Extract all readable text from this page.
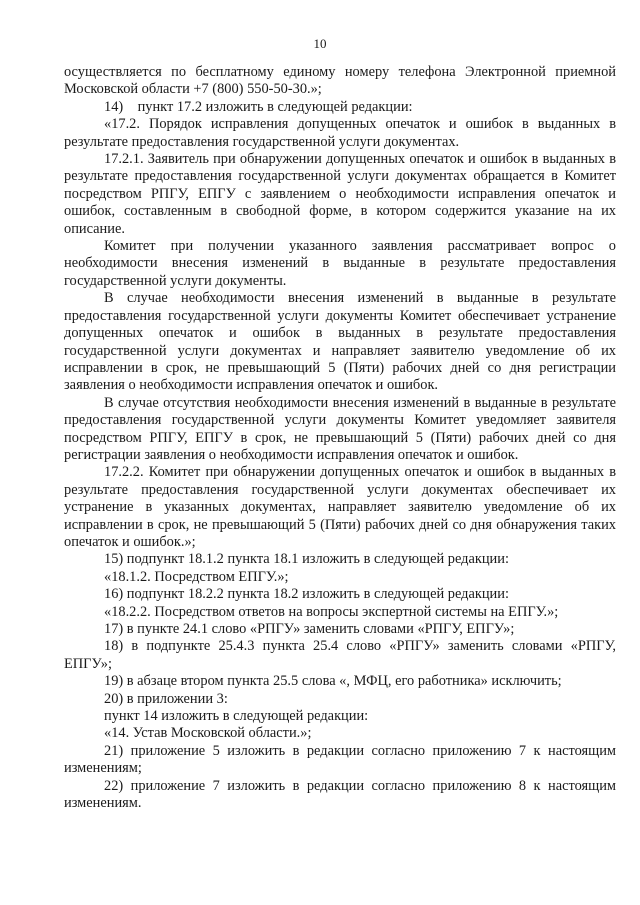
10

осуществляется по бесплатному единому номеру телефона Электронной приемной Московской области +7 (800) 550-50-30.»;

14)    пункт 17.2 изложить в следующей редакции:

«17.2. Порядок исправления допущенных опечаток и ошибок в выданных в результате предоставления государственной услуги документах.

17.2.1. Заявитель при обнаружении допущенных опечаток и ошибок в выданных в результате предоставления государственной услуги документах обращается в Комитет посредством РПГУ, ЕПГУ с заявлением о необходимости исправления опечаток и ошибок, составленным в свободной форме, в котором содержится указание на их описание.

Комитет при получении указанного заявления рассматривает вопрос о необходимости внесения изменений в выданные в результате предоставления государственной услуги документы.

В случае необходимости внесения изменений в выданные в результате предоставления государственной услуги документы Комитет обеспечивает устранение допущенных опечаток и ошибок в выданных в результате предоставления государственной услуги документах и направляет заявителю уведомление об их исправлении в срок, не превышающий 5 (Пяти) рабочих дней со дня регистрации заявления о необходимости исправления опечаток и ошибок.

В случае отсутствия необходимости внесения изменений в выданные в результате предоставления государственной услуги документы Комитет уведомляет заявителя посредством РПГУ, ЕПГУ в срок, не превышающий 5 (Пяти) рабочих дней со дня регистрации заявления о необходимости исправления опечаток и ошибок.

17.2.2. Комитет при обнаружении допущенных опечаток и ошибок в выданных в результате предоставления государственной услуги документах обеспечивает их устранение в указанных документах, направляет заявителю уведомление об их исправлении в срок, не превышающий 5 (Пяти) рабочих дней со дня обнаружения таких опечаток и ошибок.»;

15) подпункт 18.1.2 пункта 18.1 изложить в следующей редакции:

«18.1.2. Посредством ЕПГУ.»;

16) подпункт 18.2.2 пункта 18.2 изложить в следующей редакции:

«18.2.2. Посредством ответов на вопросы экспертной системы на ЕПГУ.»;

17) в пункте 24.1 слово «РПГУ» заменить словами «РПГУ, ЕПГУ»;

18) в подпункте 25.4.3 пункта 25.4 слово «РПГУ» заменить словами «РПГУ, ЕПГУ»;

19) в абзаце втором пункта 25.5 слова «, МФЦ, его работника» исключить;

20) в приложении 3:

пункт 14 изложить в следующей редакции:

«14. Устав Московской области.»;

21) приложение 5 изложить в редакции согласно приложению 7 к настоящим изменениям;

22) приложение 7 изложить в редакции согласно приложению 8 к настоящим изменениям.
